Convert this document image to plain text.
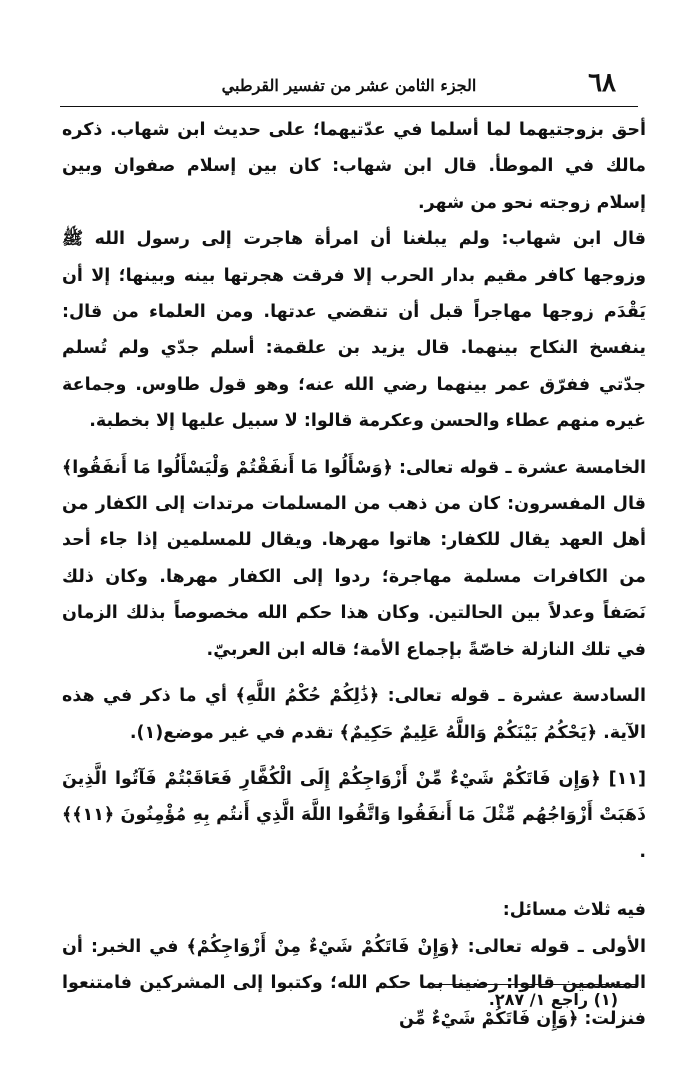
٦٨
الجزء الثامن عشر من تفسير القرطبي

أحق بزوجتيهما لما أسلما في عدّتيهما؛ على حديث ابن شهاب. ذكره مالك في الموطأ. قال ابن شهاب: كان بين إسلام صفوان وبين إسلام زوجته نحو من شهر.

قال ابن شهاب: ولم يبلغنا أن امرأة هاجرت إلى رسول الله ﷺ وزوجها كافر مقيم بدار الحرب إلا فرقت هجرتها بينه وبينها؛ إلا أن يَقْدَم زوجها مهاجراً قبل أن تنقضي عدتها. ومن العلماء من قال: ينفسخ النكاح بينهما. قال يزيد بن علقمة: أسلم جدّي ولم تُسلم جدّتي ففرّق عمر بينهما رضي الله عنه؛ وهو قول طاوس. وجماعة غيره منهم عطاء والحسن وعكرمة قالوا: لا سبيل عليها إلا بخطبة.

الخامسة عشرة ـ قوله تعالى: ﴿وَسْأَلُوا مَا أَنفَقْتُمْ وَلْيَسْأَلُوا مَا أَنفَقُوا﴾ قال المفسرون: كان من ذهب من المسلمات مرتدات إلى الكفار من أهل العهد يقال للكفار: هاتوا مهرها. ويقال للمسلمين إذا جاء أحد من الكافرات مسلمة مهاجرة؛ ردوا إلى الكفار مهرها. وكان ذلك نَصَفاً وعدلاً بين الحالتين. وكان هذا حكم الله مخصوصاً بذلك الزمان في تلك النازلة خاصّةً بإجماع الأمة؛ قاله ابن العربيّ.

السادسة عشرة ـ قوله تعالى: ﴿ذَٰلِكُمْ حُكْمُ اللَّهِ﴾ أي ما ذكر في هذه الآية. ﴿يَحْكُمُ بَيْنَكُمْ وَاللَّهُ عَلِيمٌ حَكِيمٌ﴾ تقدم في غير موضع(١).

[١١] ﴿وَإِن فَاتَكُمْ شَيْءٌ مِّنْ أَزْوَاجِكُمْ إِلَى الْكُفَّارِ فَعَاقَبْتُمْ فَآتُوا الَّذِينَ ذَهَبَتْ أَزْوَاجُهُم مِّثْلَ مَا أَنفَقُوا وَاتَّقُوا اللَّهَ الَّذِي أَنتُم بِهِ مُؤْمِنُونَ ﴿١١﴾﴾ .

فيه ثلاث مسائل:

الأولى ـ قوله تعالى: ﴿وَإِنْ فَاتَكُمْ شَيْءٌ مِنْ أَزْوَاجِكُمْ﴾ في الخبر: أن المسلمين قالوا: رضينا بما حكم الله؛ وكتبوا إلى المشركين فامتنعوا فنزلت: ﴿وَإِن فَاتَكُمْ شَيْءٌ مِّن

(١) راجع ١/ ٢٨٧.
